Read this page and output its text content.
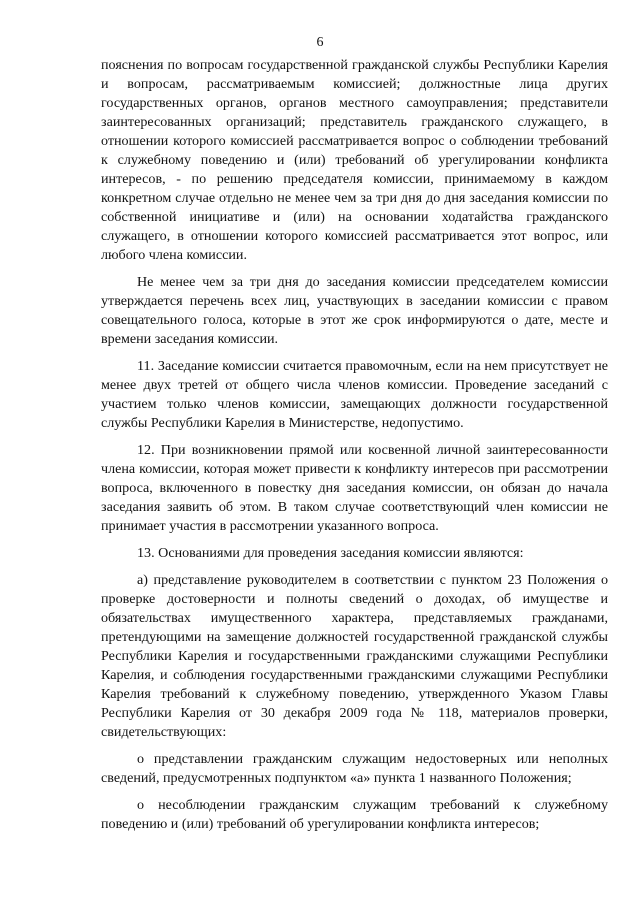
6

пояснения по вопросам государственной гражданской службы Республики Карелия и вопросам, рассматриваемым комиссией; должностные лица других государственных органов, органов местного самоуправления; представители заинтересованных организаций; представитель гражданского служащего, в отношении которого комиссией рассматривается вопрос о соблюдении требований к служебному поведению и (или) требований об урегулировании конфликта интересов, - по решению председателя комиссии, принимаемому в каждом конкретном случае отдельно не менее чем за три дня до дня заседания комиссии по собственной инициативе и (или) на основании ходатайства гражданского служащего, в отношении которого комиссией рассматривается этот вопрос, или любого члена комиссии.

Не менее чем за три дня до заседания комиссии председателем комиссии утверждается перечень всех лиц, участвующих в заседании комиссии с правом совещательного голоса, которые в этот же срок информируются о дате, месте и времени заседания комиссии.

11. Заседание комиссии считается правомочным, если на нем присутствует не менее двух третей от общего числа членов комиссии. Проведение заседаний с участием только членов комиссии, замещающих должности государственной службы Республики Карелия в Министерстве, недопустимо.

12. При возникновении прямой или косвенной личной заинтересованности члена комиссии, которая может привести к конфликту интересов при рассмотрении вопроса, включенного в повестку дня заседания комиссии, он обязан до начала заседания заявить об этом. В таком случае соответствующий член комиссии не принимает участия в рассмотрении указанного вопроса.

13. Основаниями для проведения заседания комиссии являются:

а) представление руководителем в соответствии с пунктом 23 Положения о проверке достоверности и полноты сведений о доходах, об имуществе и обязательствах имущественного характера, представляемых гражданами, претендующими на замещение должностей государственной гражданской службы Республики Карелия и государственными гражданскими служащими Республики Карелия, и соблюдения государственными гражданскими служащими Республики Карелия требований к служебному поведению, утвержденного Указом Главы Республики Карелия от 30 декабря 2009 года № 118, материалов проверки, свидетельствующих:

о представлении гражданским служащим недостоверных или неполных сведений, предусмотренных подпунктом «а» пункта 1 названного Положения;

о несоблюдении гражданским служащим требований к служебному поведению и (или) требований об урегулировании конфликта интересов;
